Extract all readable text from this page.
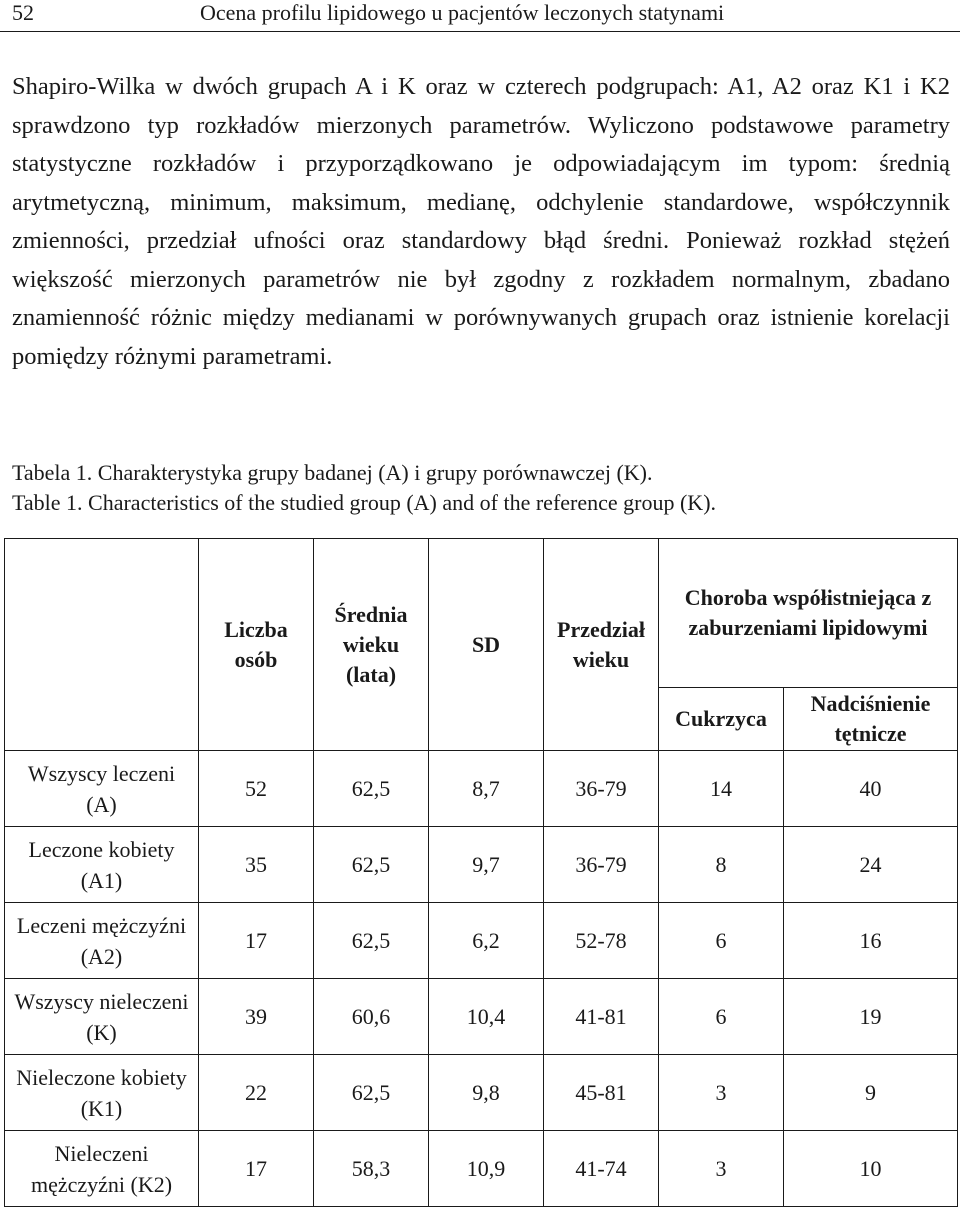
52	Ocena profilu lipidowego u pacjentów leczonych statynami

Shapiro-Wilka w dwóch grupach A i K oraz w czterech podgrupach: A1, A2 oraz K1 i K2 sprawdzono typ rozkładów mierzonych parametrów. Wyliczono podstawowe parametry statystyczne rozkładów i przyporządkowano je odpowiadającym im typom: średnią arytmetyczną, minimum, maksimum, medianę, odchylenie standardowe, współczynnik zmienności, przedział ufności oraz standardowy błąd średni. Ponieważ rozkład stężeń większość mierzonych parametrów nie był zgodny z rozkładem normalnym, zbadano znamienność różnic między medianami w porównywanych grupach oraz istnienie korelacji pomiędzy różnymi parametrami.

Tabela 1. Charakterystyka grupy badanej (A) i grupy porównawczej (K).

Table 1. Characteristics of the studied group (A) and of the reference group (K).

	Liczba osób	Średnia wieku (lata)	SD	Przedział wieku	Choroba współistniejąca z zaburzeniami lipidowymi	
					Cukrzyca	Nadciśnienie tętnicze
Wszyscy leczeni (A)	52	62,5	8,7	36-79	14	40
Leczone kobiety (A1)	35	62,5	9,7	36-79	8	24
Leczeni mężczyźni (A2)	17	62,5	6,2	52-78	6	16
Wszyscy nieleczeni (K)	39	60,6	10,4	41-81	6	19
Nieleczone kobiety (K1)	22	62,5	9,8	45-81	3	9
Nieleczeni mężczyźni (K2)	17	58,3	10,9	41-74	3	10
